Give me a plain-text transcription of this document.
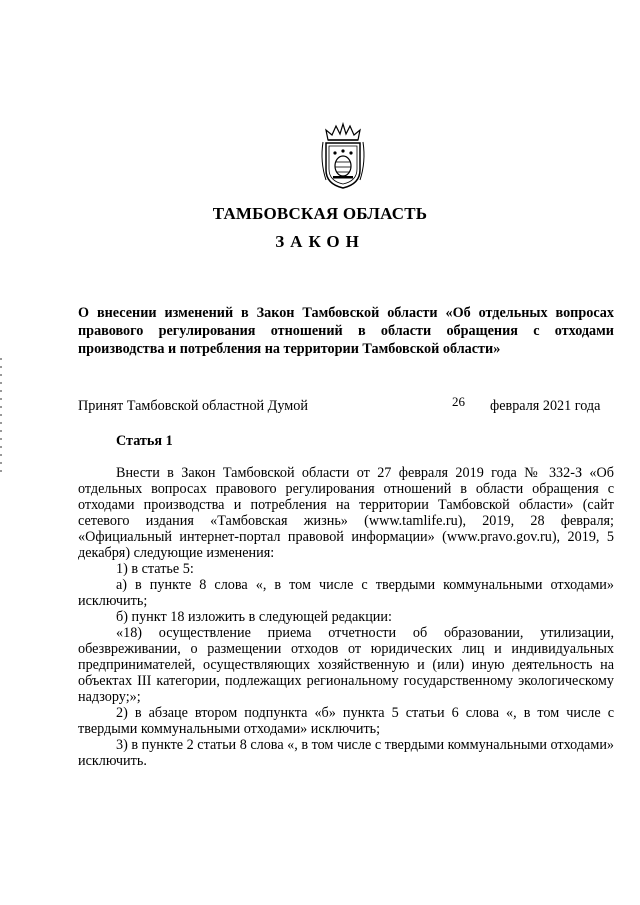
ТАМБОВСКАЯ ОБЛАСТЬ
ЗАКОН
О внесении изменений в Закон Тамбовской области «Об отдельных вопросах правового регулирования отношений в области обращения с отходами производства и потребления на территории Тамбовской области»
Принят Тамбовской областной Думой	26 февраля 2021 года
Статья 1

Внести в Закон Тамбовской области от 27 февраля 2019 года № 332-З «Об отдельных вопросах правового регулирования отношений в области обращения с отходами производства и потребления на территории Тамбовской области» (сайт сетевого издания «Тамбовская жизнь» (www.tamlife.ru), 2019, 28 февраля; «Официальный интернет-портал правовой информации» (www.pravo.gov.ru), 2019, 5 декабря) следующие изменения:

1) в статье 5:

а) в пункте 8 слова «, в том числе с твердыми коммунальными отходами» исключить;

б) пункт 18 изложить в следующей редакции:

«18) осуществление приема отчетности об образовании, утилизации, обезвреживании, о размещении отходов от юридических лиц и индивидуальных предпринимателей, осуществляющих хозяйственную и (или) иную деятельность на объектах III категории, подлежащих региональному государственному экологическому надзору;»;

2) в абзаце втором подпункта «б» пункта 5 статьи 6 слова «, в том числе с твердыми коммунальными отходами» исключить;

3) в пункте 2 статьи 8 слова «, в том числе с твердыми коммунальными отходами» исключить.
